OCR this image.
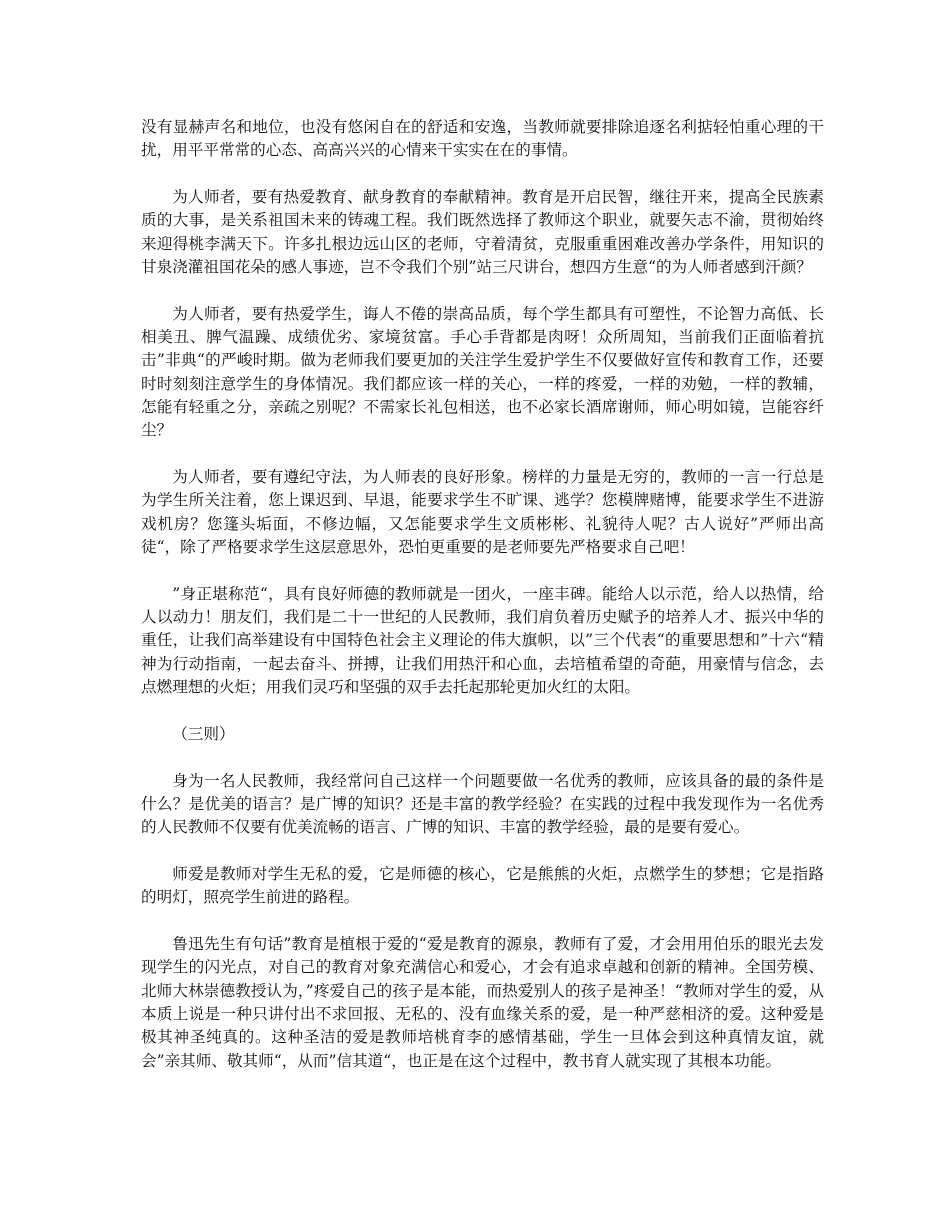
没有显赫声名和地位，也没有悠闲自在的舒适和安逸，当教师就要排除追逐名利掂轻怕重心理的干扰，用平平常常的心态、高高兴兴的心情来干实实在在的事情。

为人师者，要有热爱教育、献身教育的奉献精神。教育是开启民智，继往开来，提高全民族素质的大事，是关系祖国未来的铸魂工程。我们既然选择了教师这个职业，就要矢志不渝，贯彻始终来迎得桃李满天下。许多扎根边远山区的老师，守着清贫，克服重重困难改善办学条件，用知识的甘泉浇灌祖国花朵的感人事迹，岂不令我们个别”站三尺讲台，想四方生意“的为人师者感到汗颜？

为人师者，要有热爱学生，诲人不倦的崇高品质，每个学生都具有可塑性，不论智力高低、长相美丑、脾气温躁、成绩优劣、家境贫富。手心手背都是肉呀！众所周知，当前我们正面临着抗击”非典“的严峻时期。做为老师我们要更加的关注学生爱护学生不仅要做好宣传和教育工作，还要时时刻刻注意学生的身体情况。我们都应该一样的关心，一样的疼爱，一样的劝勉，一样的教辅，怎能有轻重之分，亲疏之别呢？不需家长礼包相送，也不必家长酒席谢师，师心明如镜，岂能容纤尘？

为人师者，要有遵纪守法，为人师表的良好形象。榜样的力量是无穷的，教师的一言一行总是为学生所关注着，您上课迟到、早退，能要求学生不旷课、逃学？您模牌赌博，能要求学生不进游戏机房？您篷头垢面，不修边幅，又怎能要求学生文质彬彬、礼貌待人呢？古人说好”严师出高徒“，除了严格要求学生这层意思外，恐怕更重要的是老师要先严格要求自己吧！

”身正堪称范“，具有良好师德的教师就是一团火，一座丰碑。能给人以示范，给人以热情，给人以动力！朋友们，我们是二十一世纪的人民教师，我们肩负着历史赋予的培养人才、振兴中华的重任，让我们高举建设有中国特色社会主义理论的伟大旗帜，以”三个代表“的重要思想和”十六“精神为行动指南，一起去奋斗、拼搏，让我们用热汗和心血，去培植希望的奇葩，用豪情与信念，去点燃理想的火炬；用我们灵巧和坚强的双手去托起那轮更加火红的太阳。

（三则）

身为一名人民教师，我经常问自己这样一个问题要做一名优秀的教师，应该具备的最的条件是什么？是优美的语言？是广博的知识？还是丰富的教学经验？在实践的过程中我发现作为一名优秀的人民教师不仅要有优美流畅的语言、广博的知识、丰富的教学经验，最的是要有爱心。

师爱是教师对学生无私的爱，它是师德的核心，它是熊熊的火炬，点燃学生的梦想；它是指路的明灯，照亮学生前进的路程。

鲁迅先生有句话”教育是植根于爱的“爱是教育的源泉，教师有了爱，才会用用伯乐的眼光去发现学生的闪光点，对自己的教育对象充满信心和爱心，才会有追求卓越和创新的精神。全国劳模、北师大林崇德教授认为，”疼爱自己的孩子是本能，而热爱别人的孩子是神圣！“教师对学生的爱，从本质上说是一种只讲付出不求回报、无私的、没有血缘关系的爱，是一种严慈相济的爱。这种爱是极其神圣纯真的。这种圣洁的爱是教师培桃育李的感情基础，学生一旦体会到这种真情友谊，就会”亲其师、敬其师“，从而”信其道“，也正是在这个过程中，教书育人就实现了其根本功能。
